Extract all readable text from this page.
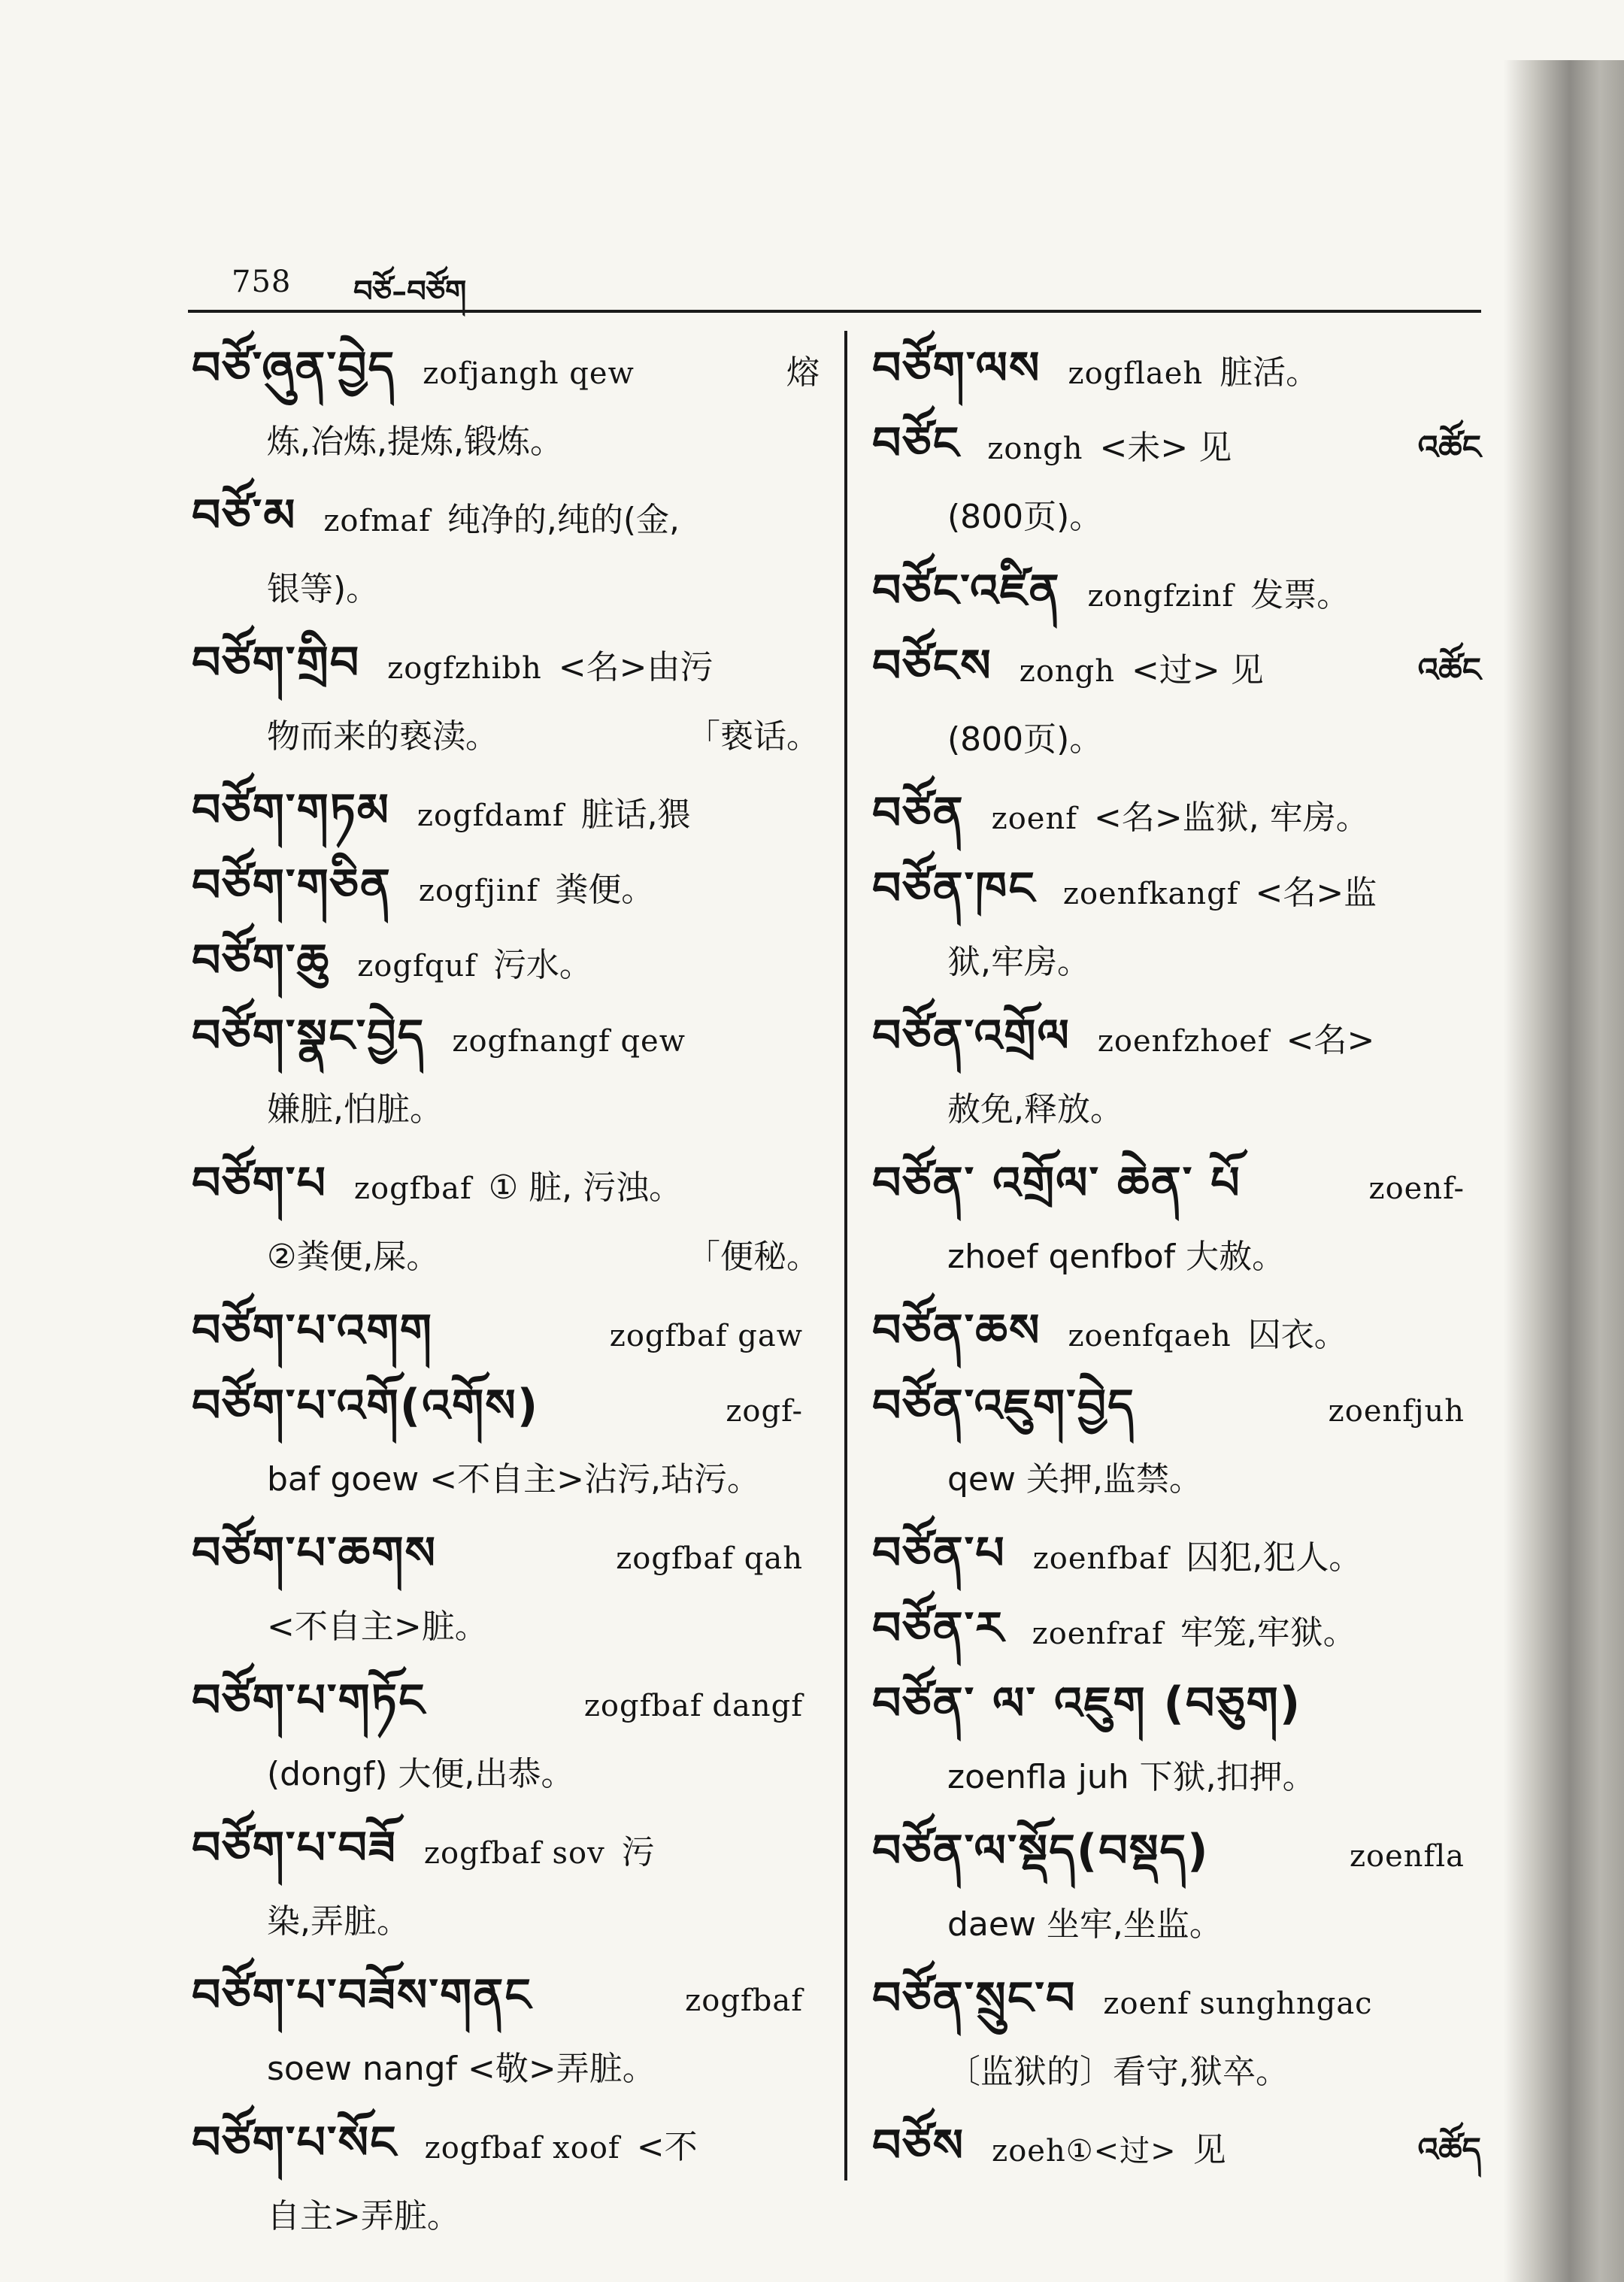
758 བཙོ–བཙོག
བཙོ་ཞུན་བྱེད zofjangh qew	熔
炼,冶炼,提炼,锻炼。
བཙོ་མ zofmaf 纯净的,纯的(金,
银等)。
བཙོག་གྲིབ zogfzhibh <名>由污
物而来的亵渎。	「亵话。
བཙོག་གཏམ zogfdamf 脏话,猥
བཙོག་གཅིན zogfjinf 粪便。
བཙོག་ཆུ zogfquf 污水。
བཙོག་སྣང་བྱེད zogfnangf qew
嫌脏,怕脏。
བཙོག་པ zogfbaf ① 脏, 污浊。
②粪便,屎。	「便秘。
བཙོག་པ་འགག	zogfbaf gaw
བཙོག་པ་འགོ(འགོས)	zogf-
baf goew <不自主>沾污,玷污。
བཙོག་པ་ཆགས	zogfbaf qah
<不自主>脏。
བཙོག་པ་གཏོང	zogfbaf dangf
(dongf) 大便,出恭。
བཙོག་པ་བཟོ zogfbaf sov 污
染,弄脏。
བཙོག་པ་བཟོས་གནང	zogfbaf
soew nangf <敬>弄脏。
བཙོག་པ་སོང zogfbaf xoof <不
自主>弄脏。
བཙོག་ལས zogflaeh 脏活。
བཙོང zongh <未> 见	འཚོང
(800页)。
བཙོང་འཛིན zongfzinf 发票。
བཙོངས zongh <过> 见	འཚོང
(800页)。
བཙོན zoenf <名>监狱, 牢房。
བཙོན་ཁང zoenfkangf <名>监
狱,牢房。
བཙོན་འགྲོལ zoenfzhoef <名>
赦免,释放。
བཙོན་ འགྲོལ་ ཆེན་ པོ	zoenf-
zhoef qenfbof 大赦。
བཙོན་ཆས zoenfqaeh 囚衣。
བཙོན་འཇུག་བྱེད	zoenfjuh
qew 关押,监禁。
བཙོན་པ zoenfbaf 囚犯,犯人。
བཙོན་ར zoenfraf 牢笼,牢狱。
བཙོན་ ལ་ འཇུག (བཅུག)
zoenfla juh 下狱,扣押。
བཙོན་ལ་སྡོད(བསྡད)	zoenfla
daew 坐牢,坐监。
བཙོན་སྲུང་བ zoenf sunghngac
〔监狱的〕看守,狱卒。
བཙོས zoeh①<过> 见	འཚོད
